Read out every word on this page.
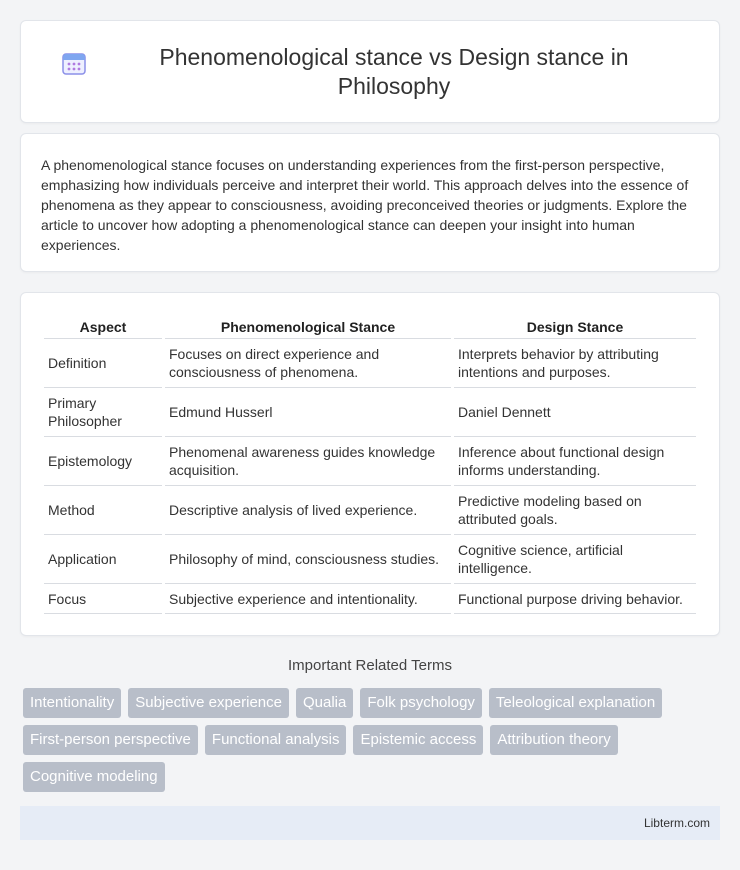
Phenomenological stance vs Design stance in Philosophy

A phenomenological stance focuses on understanding experiences from the first-person perspective, emphasizing how individuals perceive and interpret their world. This approach delves into the essence of phenomena as they appear to consciousness, avoiding preconceived theories or judgments. Explore the article to uncover how adopting a phenomenological stance can deepen your insight into human experiences.

Aspect	Phenomenological Stance	Design Stance
Definition	Focuses on direct experience and consciousness of phenomena.	Interprets behavior by attributing intentions and purposes.
Primary Philosopher	Edmund Husserl	Daniel Dennett
Epistemology	Phenomenal awareness guides knowledge acquisition.	Inference about functional design informs understanding.
Method	Descriptive analysis of lived experience.	Predictive modeling based on attributed goals.
Application	Philosophy of mind, consciousness studies.	Cognitive science, artificial intelligence.
Focus	Subjective experience and intentionality.	Functional purpose driving behavior.
Important Related Terms
Intentionality	Subjective experience	Qualia	Folk psychology	Teleological explanation
First-person perspective	Functional analysis	Epistemic access	Attribution theory
Cognitive modeling
Libterm.com
